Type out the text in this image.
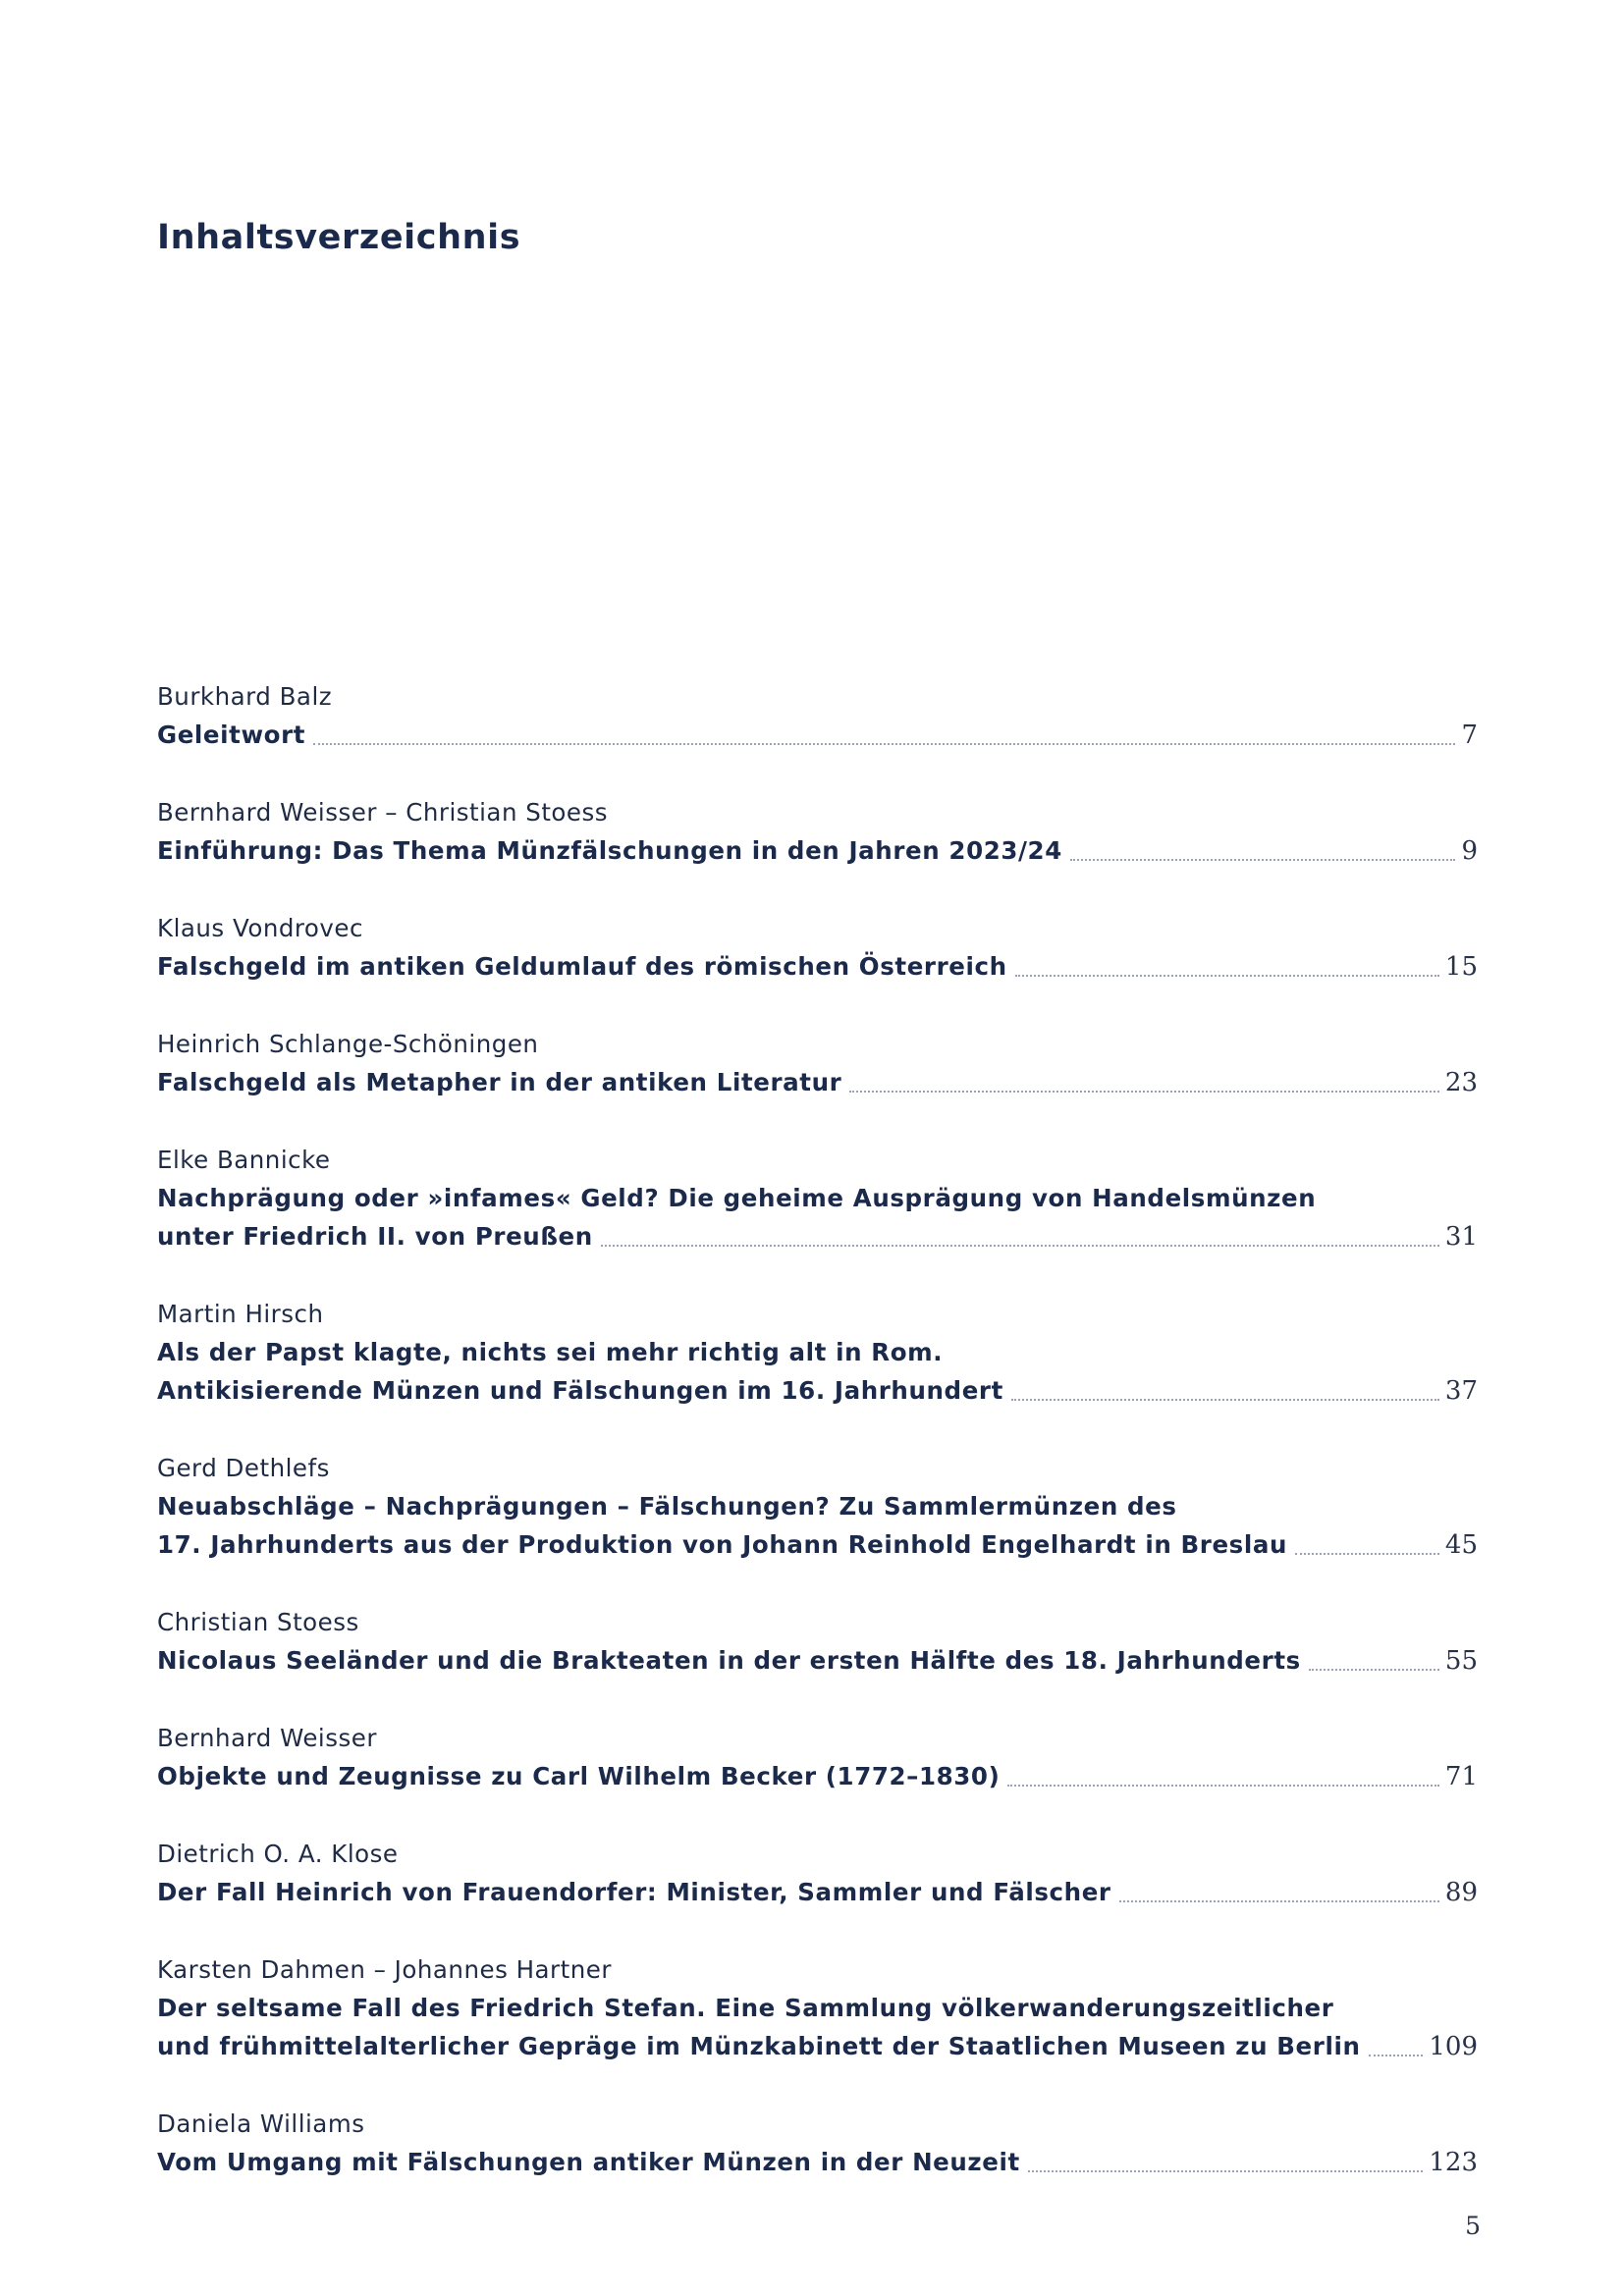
Inhaltsverzeichnis
Burkhard Balz
Geleitwort	7
Bernhard Weisser – Christian Stoess
Einführung: Das Thema Münzfälschungen in den Jahren 2023/24	9
Klaus Vondrovec
Falschgeld im antiken Geldumlauf des römischen Österreich	15
Heinrich Schlange-Schöningen
Falschgeld als Metapher in der antiken Literatur	23
Elke Bannicke
Nachprägung oder »infames« Geld? Die geheime Ausprägung von Handelsmünzen
unter Friedrich II. von Preußen	31
Martin Hirsch
Als der Papst klagte, nichts sei mehr richtig alt in Rom.
Antikisierende Münzen und Fälschungen im 16. Jahrhundert	37
Gerd Dethlefs
Neuabschläge – Nachprägungen – Fälschungen? Zu Sammlermünzen des
17. Jahrhunderts aus der Produktion von Johann Reinhold Engelhardt in Breslau	45
Christian Stoess
Nicolaus Seeländer und die Brakteaten in der ersten Hälfte des 18. Jahrhunderts	55
Bernhard Weisser
Objekte und Zeugnisse zu Carl Wilhelm Becker (1772–1830)	71
Dietrich O. A. Klose
Der Fall Heinrich von Frauendorfer: Minister, Sammler und Fälscher	89
Karsten Dahmen – Johannes Hartner
Der seltsame Fall des Friedrich Stefan. Eine Sammlung völkerwanderungszeitlicher
und frühmittelalterlicher Gepräge im Münzkabinett der Staatlichen Museen zu Berlin	109
Daniela Williams
Vom Umgang mit Fälschungen antiker Münzen in der Neuzeit	123
5
